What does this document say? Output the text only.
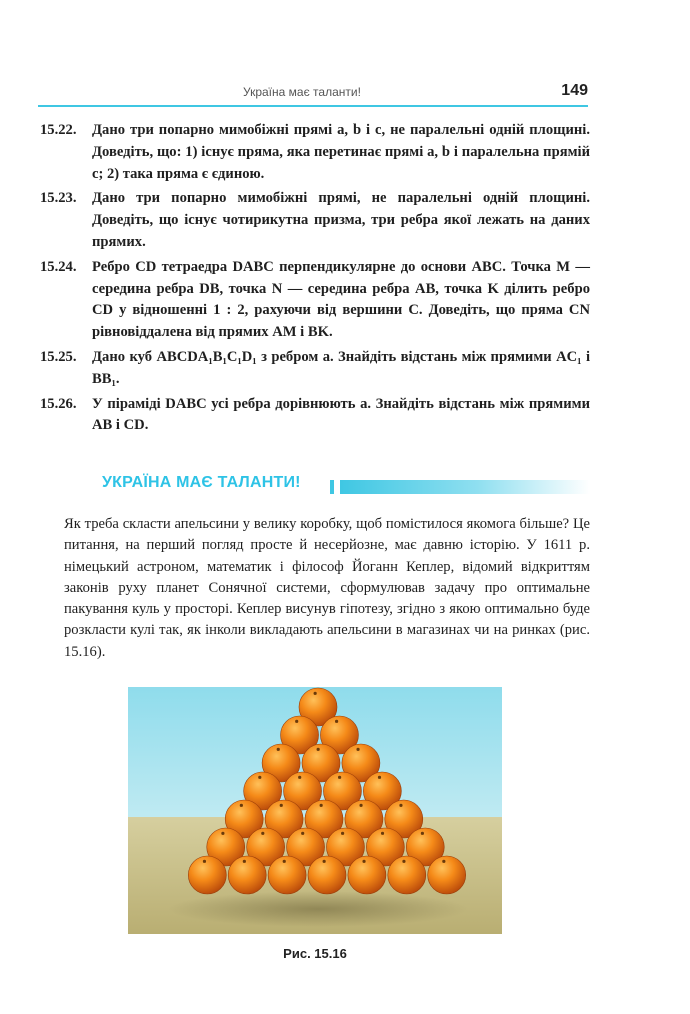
Україна має таланти!	149
15.22. Дано три попарно мимобіжні прямі a, b і c, не паралельні одній площині. Доведіть, що: 1) існує пряма, яка перетинає прямі a, b і паралельна прямій c; 2) така пряма є єдиною.
15.23. Дано три попарно мимобіжні прямі, не паралельні одній площині. Доведіть, що існує чотирикутна призма, три ребра якої лежать на даних прямих.
15.24. Ребро CD тетраедра DABC перпендикулярне до основи ABC. Точка M — середина ребра DB, точка N — середина ребра AB, точка K ділить ребро CD у відношенні 1 : 2, рахуючи від вершини C. Доведіть, що пряма CN рівновіддалена від прямих AM і BK.
15.25. Дано куб ABCDA₁B₁C₁D₁ з ребром a. Знайдіть відстань між прямими AC₁ і BB₁.
15.26. У піраміді DABC усі ребра дорівнюють a. Знайдіть відстань між прямими AB і CD.
УКРАЇНА МАЄ ТАЛАНТИ!
Як треба скласти апельсини у велику коробку, щоб помістилося якомога більше? Це питання, на перший погляд просте й несерйозне, має давню історію. У 1611 р. німецький астроном, математик і філософ Йоганн Кеплер, відомий відкриттям законів руху планет Сонячної системи, сформулював задачу про оптимальне пакування куль у просторі. Кеплер висунув гіпотезу, згідно з якою оптимально буде розкласти кулі так, як інколи викладають апельсини в магазинах чи на ринках (рис. 15.16).
Рис. 15.16
